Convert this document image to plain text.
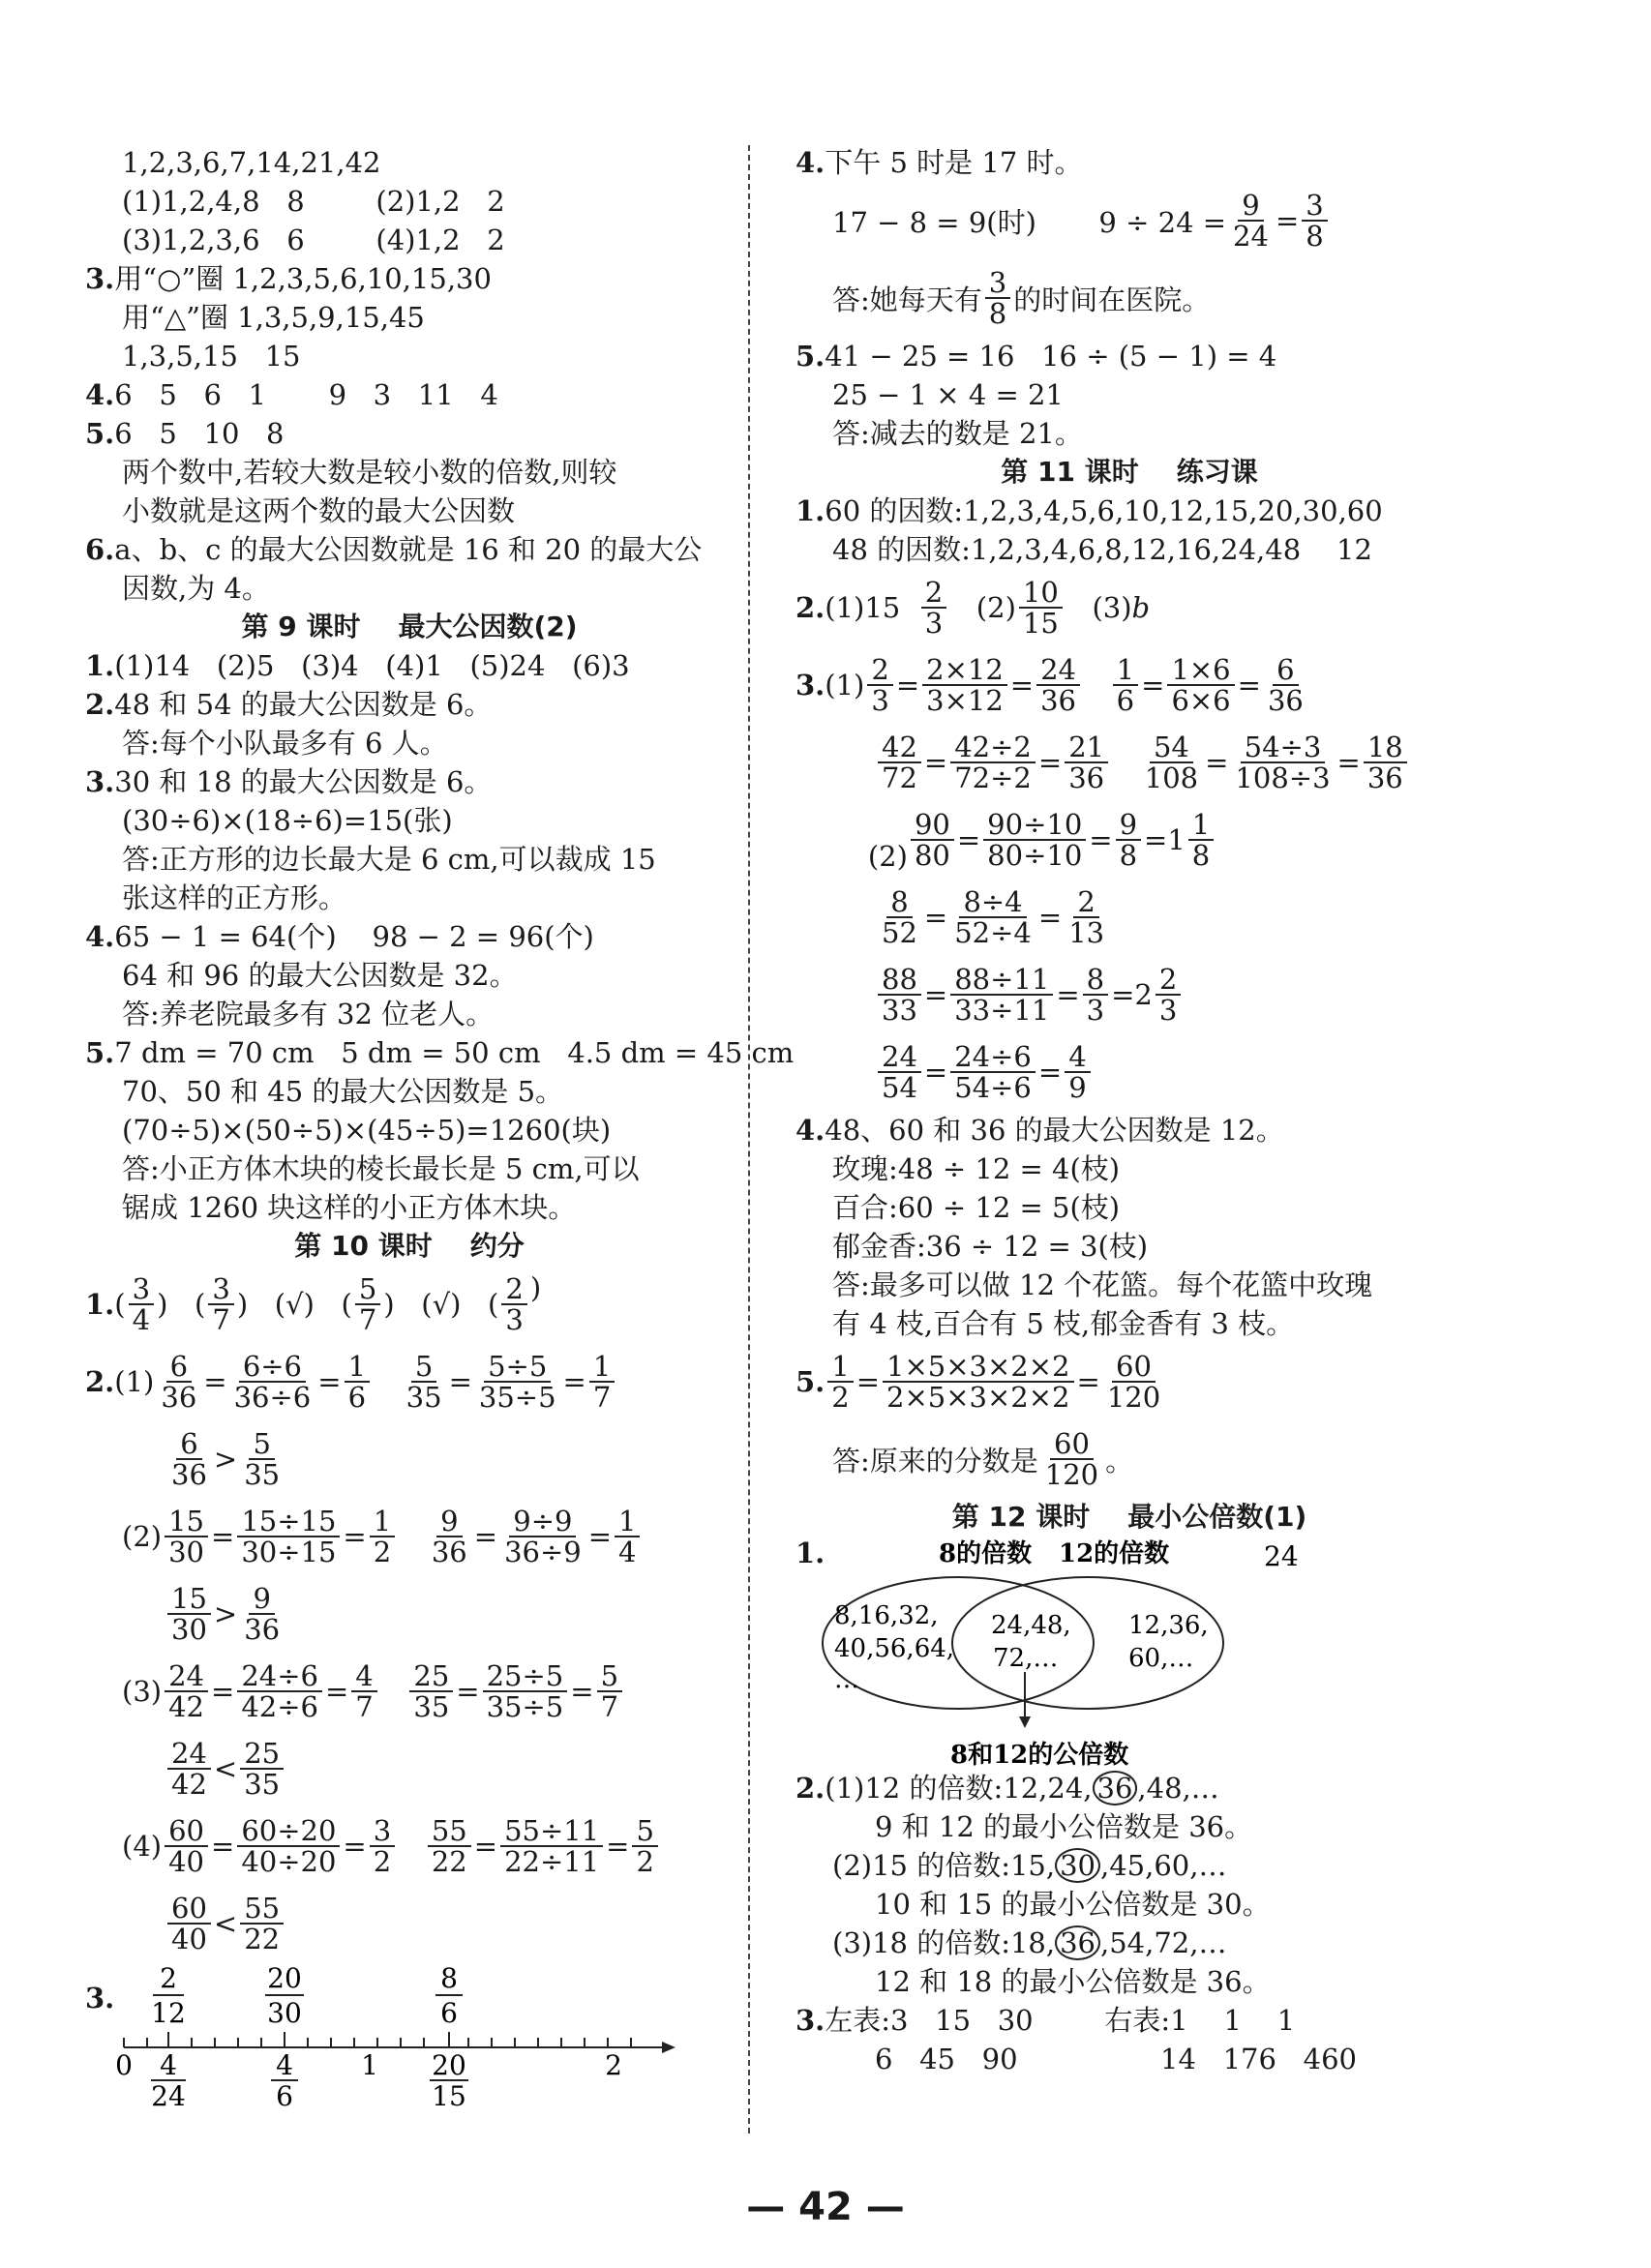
1,2,3,6,7,14,21,42
(1)1,2,4,8   8        (2)1,2   2
(3)1,2,3,6   6        (4)1,2   2
3.用“○”圈 1,2,3,5,6,10,15,30
用“△”圈 1,3,5,9,15,45
1,3,5,15   15
4.6   5   6   1       9   3   11   4
5.6   5   10   8
两个数中,若较大数是较小数的倍数,则较
小数就是这两个数的最大公因数
6.a、b、c 的最大公因数就是 16 和 20 的最大公
因数,为 4。
第 9 课时    最大公因数(2)
1.(1)14   (2)5   (3)4   (4)1   (5)24   (6)3
2.48 和 54 的最大公因数是 6。
答:每个小队最多有 6 人。
3.30 和 18 的最大公因数是 6。
(30÷6)×(18÷6)=15(张)
答:正方形的边长最大是 6 cm,可以裁成 15
张这样的正方形。
4.65 − 1 = 64(个)    98 − 2 = 96(个)
64 和 96 的最大公因数是 32。
答:养老院最多有 32 位老人。
5.7 dm = 70 cm   5 dm = 50 cm   4.5 dm = 45 cm
70、50 和 45 的最大公因数是 5。
(70÷5)×(50÷5)×(45÷5)=1260(块)
答:小正方体木块的棱长最长是 5 cm,可以
锯成 1260 块这样的小正方体木块。
第 10 课时    约分
1. ( $\frac{3}{4}$ )   ( $\frac{3}{7}$ ) (√) ( $\frac{5}{7}$ ) (√) ( $\frac{2}{3}$ )

2. $(1) \frac{6}{36} = \frac{6\div 6}{36\div 6} = \frac{1}{6}$
$\frac{5}{35} = \frac{5\div 5}{35\div 5} = \frac{1}{7}$
$\frac{6}{36} > \frac{5}{35}$
$(2) \frac{15}{30} = \frac{15\div 15}{30\div 15} = \frac{1}{2}$
$\frac{9}{36} = \frac{9\div 9}{36\div 9} = \frac{1}{4}$
$\frac{15}{30} > \frac{9}{36}$
$(3) \frac{24}{42} = \frac{24\div 6}{42\div 6} = \frac{4}{7}$
$\frac{25}{35} = \frac{25\div 5}{35\div 5} = \frac{5}{7}$
$\frac{24}{42} < \frac{25}{35}$
$(4) \frac{60}{40} = \frac{60\div 20}{40\div 20} = \frac{3}{2}$
$\frac{55}{22} = \frac{55\div 11}{22\div 11} = \frac{5}{2}$
$\frac{60}{40} < \frac{55}{22}$
3.
2
12
20
30
8
6
0 4
24
4
6
1 20
15
2
4.下午 5 时是 17 时。
17 − 8 = 9(时)       $9 \div 24 = \frac{9}{24} = \frac{3}{8}$
答:她每天有 $\frac{3}{8}$ 的时间在医院。
5.41 − 25 = 16   16 ÷ (5 − 1) = 4
25 − 1 × 4 = 21
答:减去的数是 21。
第 11 课时    练习课
1.60 的因数:1,2,3,4,5,6,10,12,15,20,30,60
48 的因数:1,2,3,4,6,8,12,16,24,48    12
2. $(1)15 \frac{2}{3} (2) \frac{10}{15} (3)$ b
3. $(1) \frac{2}{3} = \frac{2\times 12}{3\times 12} = \frac{24}{36}$
$\frac{1}{6} = \frac{1\times 6}{6\times 6} = \frac{6}{36}$
$\frac{42}{72} = \frac{42\div 2}{72\div 2} = \frac{21}{36}$
$\frac{54}{108} = \frac{54\div 3}{108\div 3} = \frac{18}{36}$

$(2) \frac{90}{80} = \frac{90\div 10}{80\div 10} = \frac{9}{8} =1 \frac{1}{8}$
$\frac{8}{52} = \frac{8\div 4}{52\div 4} = \frac{2}{13}$
$\frac{88}{33} = \frac{88\div 11}{33\div 11} = \frac{8}{3} =2 \frac{2}{3}$
$\frac{24}{54} = \frac{24\div 6}{54\div 6} = \frac{4}{9}$
4.48、60 和 36 的最大公因数是 12。
玫瑰:48 ÷ 12 = 4(枝)
百合:60 ÷ 12 = 5(枝)
郁金香:36 ÷ 12 = 3(枝)
答:最多可以做 12 个花篮。每个花篮中玫瑰
有 4 枝,百合有 5 枝,郁金香有 3 枝。
5. $\frac{1}{2} = \frac{1\times 5\times 3\times 2\times 2}{2\times 5\times 3\times 2\times 2} = \frac{60}{120}$
答:原来的分数是 $\frac{60}{120}$ 。
第 12 课时    最小公倍数(1)
1.	8的倍数 12的倍数	24
8,16,32,
40,56,64,
…
24,48,
72,…
12,36,
60,…
8和12的公倍数
2.(1)12 的倍数:12,24, 36 ,48,…
9 和 12 的最小公倍数是 36。
(2)15 的倍数:15, 30 ,45,60,…
10 和 15 的最小公倍数是 30。
(3)18 的倍数:18, 36 ,54,72,…
12 和 18 的最小公倍数是 36。
3.左表:3   15   30        右表:1    1    1
6   45   90                14   176   460
— 42 —
